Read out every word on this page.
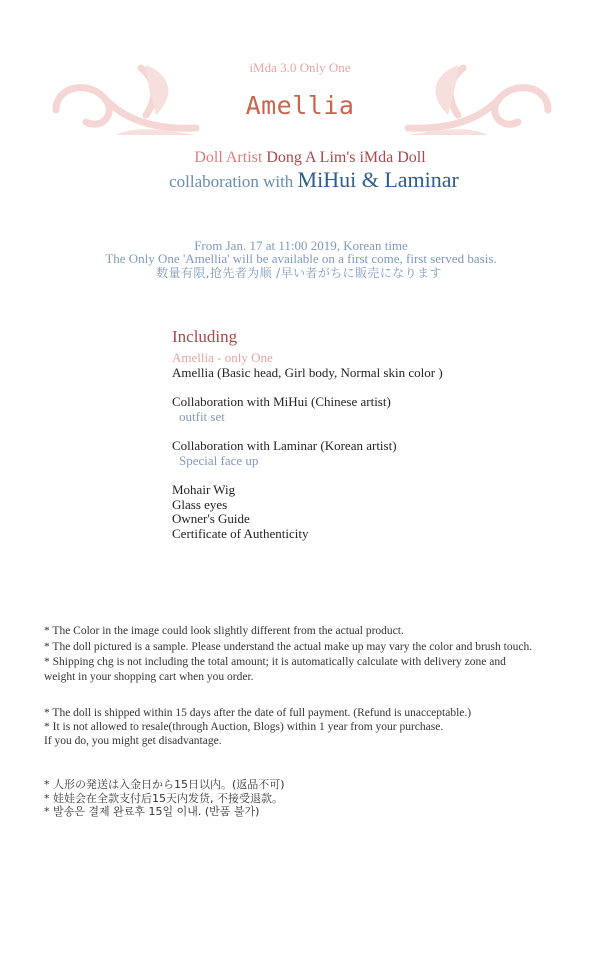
iMda 3.0 Only One
Amellia
Doll Artist Dong A Lim's iMda Doll
collaboration with MiHui & Laminar
From Jan. 17 at 11:00 2019, Korean time
The Only One 'Amellia' will be available on a first come, first served basis.
数量有限,抢先者为顺 /早い者がちに販売になります
Including
Amellia - only One
Amellia (Basic head, Girl body, Normal skin color )
Collaboration with MiHui (Chinese artist)
outfit set
Collaboration with Laminar (Korean artist)
Special face up
Mohair Wig
Glass eyes
Owner's Guide
Certificate of Authenticity
* The Color in the image could look slightly different from the actual product.
* The doll pictured is a sample. Please understand the actual make up may vary the color and brush touch.
* Shipping chg is not including the total amount; it is automatically calculate with delivery zone and
weight in your shopping cart when you order.
* The doll is shipped within 15 days after the date of full payment. (Refund is unacceptable.)
* It is not allowed to resale(through Auction, Blogs) within 1 year from your purchase.
If you do, you might get disadvantage.
* 人形の発送は入金日から15日以内。(返品不可)
* 娃娃会在全款支付后15天内发货, 不接受退款。
* 발송은 결제 완료후 15일 이내. (반품 불가)
